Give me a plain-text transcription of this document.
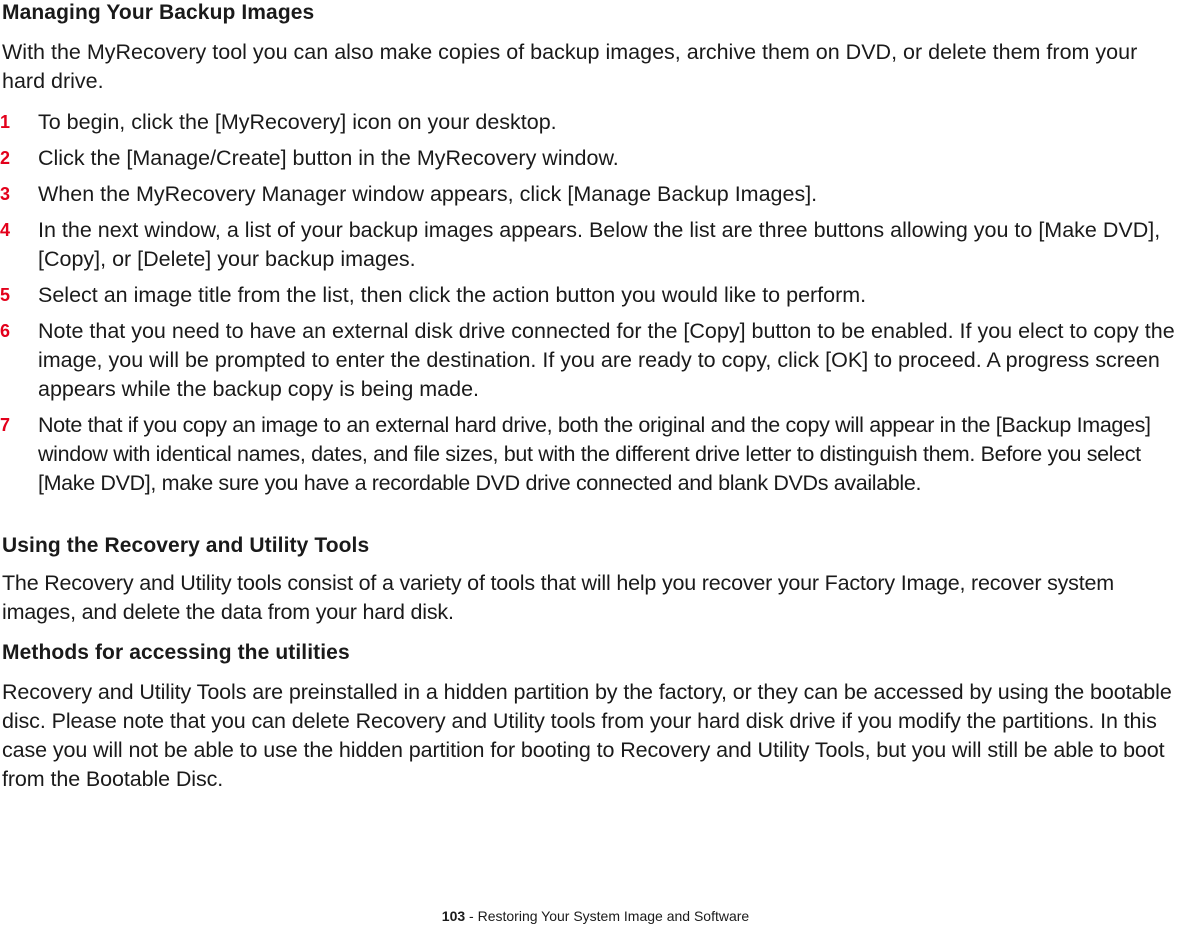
Managing Your Backup Images

With the MyRecovery tool you can also make copies of backup images, archive them on DVD, or delete them from your hard drive.

1 To begin, click the [MyRecovery] icon on your desktop.
2 Click the [Manage/Create] button in the MyRecovery window.
3 When the MyRecovery Manager window appears, click [Manage Backup Images].
4 In the next window, a list of your backup images appears. Below the list are three buttons allowing you to [Make DVD], [Copy], or [Delete] your backup images.
5 Select an image title from the list, then click the action button you would like to perform.
6 Note that you need to have an external disk drive connected for the [Copy] button to be enabled. If you elect to copy the image, you will be prompted to enter the destination. If you are ready to copy, click [OK] to proceed. A progress screen appears while the backup copy is being made.
7 Note that if you copy an image to an external hard drive, both the original and the copy will appear in the [Backup Images] window with identical names, dates, and file sizes, but with the different drive letter to distinguish them. Before you select [Make DVD], make sure you have a recordable DVD drive connected and blank DVDs available.
Using the Recovery and Utility Tools

The Recovery and Utility tools consist of a variety of tools that will help you recover your Factory Image, recover system images, and delete the data from your hard disk.

Methods for accessing the utilities

Recovery and Utility Tools are preinstalled in a hidden partition by the factory, or they can be accessed by using the bootable disc. Please note that you can delete Recovery and Utility tools from your hard disk drive if you modify the partitions. In this case you will not be able to use the hidden partition for booting to Recovery and Utility Tools, but you will still be able to boot from the Bootable Disc.

103 - Restoring Your System Image and Software
